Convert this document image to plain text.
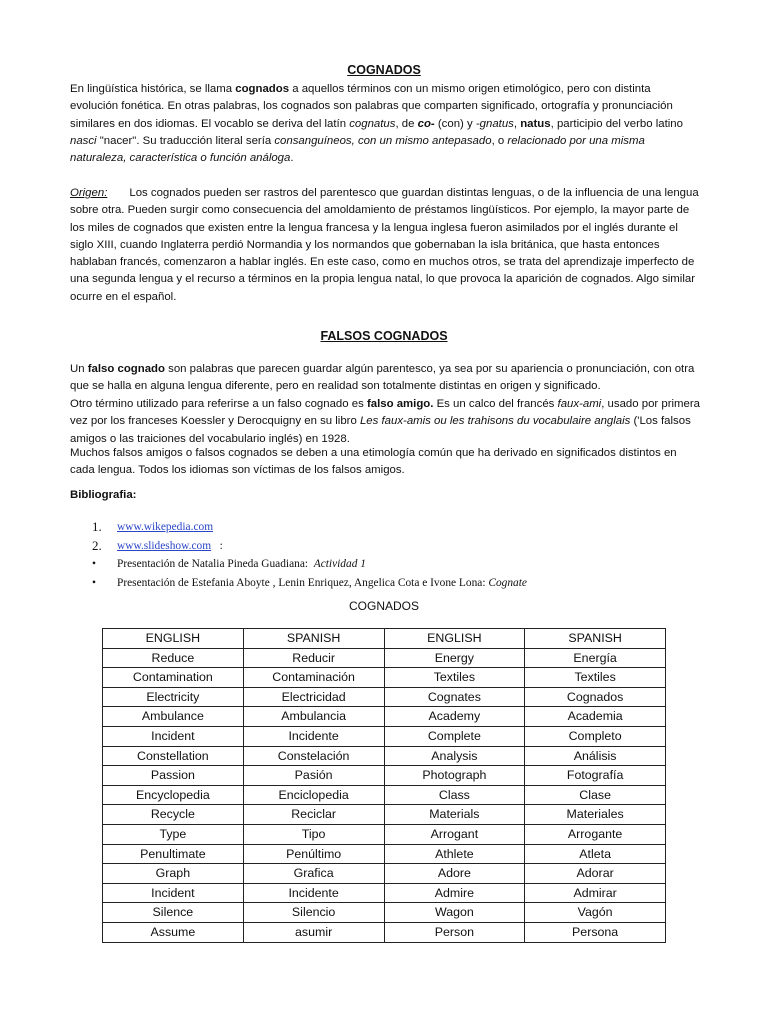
COGNADOS

En lingüística histórica, se llama cognados a aquellos términos con un mismo origen etimológico, pero con distinta evolución fonética. En otras palabras, los cognados son palabras que comparten significado, ortografía y pronunciación similares en dos idiomas. El vocablo se deriva del latín cognatus, de co- (con) y -gnatus, natus, participio del verbo latino nasci "nacer". Su traducción literal sería consanguíneos, con un mismo antepasado, o relacionado por una misma naturaleza, característica o función análoga.

Origen: Los cognados pueden ser rastros del parentesco que guardan distintas lenguas, o de la influencia de una lengua sobre otra. Pueden surgir como consecuencia del amoldamiento de préstamos lingüísticos. Por ejemplo, la mayor parte de los miles de cognados que existen entre la lengua francesa y la lengua inglesa fueron asimilados por el inglés durante el siglo XIII, cuando Inglaterra perdió Normandia y los normandos que gobernaban la isla británica, que hasta entonces hablaban francés, comenzaron a hablar inglés. En este caso, como en muchos otros, se trata del aprendizaje imperfecto de una segunda lengua y el recurso a términos en la propia lengua natal, lo que provoca la aparición de cognados. Algo similar ocurre en el español.

FALSOS COGNADOS

Un falso cognado son palabras que parecen guardar algún parentesco, ya sea por su apariencia o pronunciación, con otra que se halla en alguna lengua diferente, pero en realidad son totalmente distintas en origen y significado.

Otro término utilizado para referirse a un falso cognado es falso amigo. Es un calco del francés faux-ami, usado por primera vez por los franceses Koessler y Derocquigny en su libro Les faux-amis ou les trahisons du vocabulaire anglais ('Los falsos amigos o las traiciones del vocabulario inglés) en 1928.

Muchos falsos amigos o falsos cognados se deben a una etimología común que ha derivado en significados distintos en cada lengua. Todos los idiomas son víctimas de los falsos amigos.

Bibliografia:
1.	www.wikepedia.com
2.	www.slideshow.com   :
•	Presentación de Natalia Pineda Guadiana:  Actividad 1
•	Presentación de Estefania Aboyte , Lenin Enriquez, Angelica Cota e Ivone Lona: Cognate
COGNADOS
ENGLISH	SPANISH	ENGLISH	SPANISH
Reduce	Reducir	Energy	Energía
Contamination	Contaminación	Textiles	Textiles
Electricity	Electricidad	Cognates	Cognados
Ambulance	Ambulancia	Academy	Academia
Incident	Incidente	Complete	Completo
Constellation	Constelación	Analysis	Análisis
Passion	Pasión	Photograph	Fotografía
Encyclopedia	Enciclopedia	Class	Clase
Recycle	Reciclar	Materials	Materiales
Type	Tipo	Arrogant	Arrogante
Penultimate	Penúltimo	Athlete	Atleta
Graph	Grafica	Adore	Adorar
Incident	Incidente	Admire	Admirar
Silence	Silencio	Wagon	Vagón
Assume	asumir	Person	Persona
